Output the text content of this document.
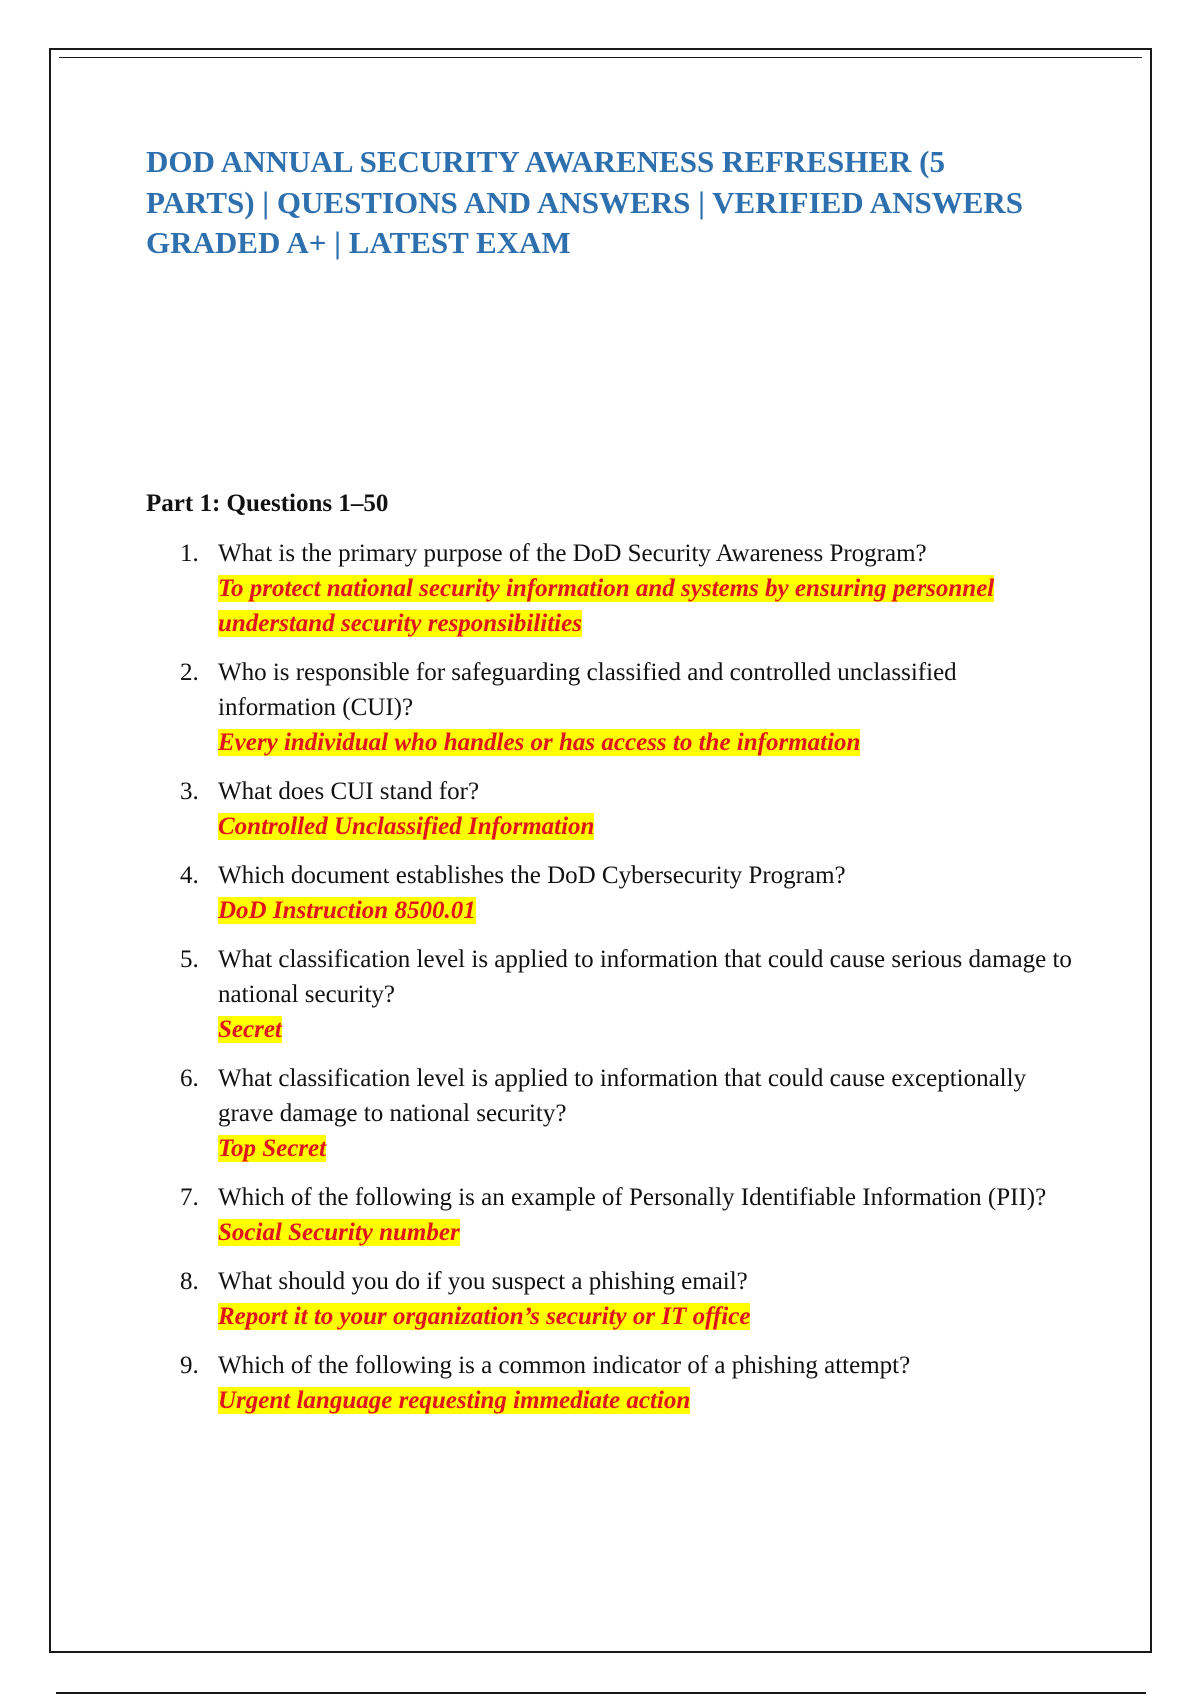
DOD ANNUAL SECURITY AWARENESS REFRESHER (5 PARTS) | QUESTIONS AND ANSWERS | VERIFIED ANSWERS GRADED A+ | LATEST EXAM
Part 1: Questions 1–50
1. What is the primary purpose of the DoD Security Awareness Program?
To protect national security information and systems by ensuring personnel understand security responsibilities
2. Who is responsible for safeguarding classified and controlled unclassified information (CUI)?
Every individual who handles or has access to the information
3. What does CUI stand for?
Controlled Unclassified Information
4. Which document establishes the DoD Cybersecurity Program?
DoD Instruction 8500.01
5. What classification level is applied to information that could cause serious damage to national security?
Secret
6. What classification level is applied to information that could cause exceptionally grave damage to national security?
Top Secret
7. Which of the following is an example of Personally Identifiable Information (PII)?
Social Security number
8. What should you do if you suspect a phishing email?
Report it to your organization’s security or IT office
9. Which of the following is a common indicator of a phishing attempt?
Urgent language requesting immediate action
